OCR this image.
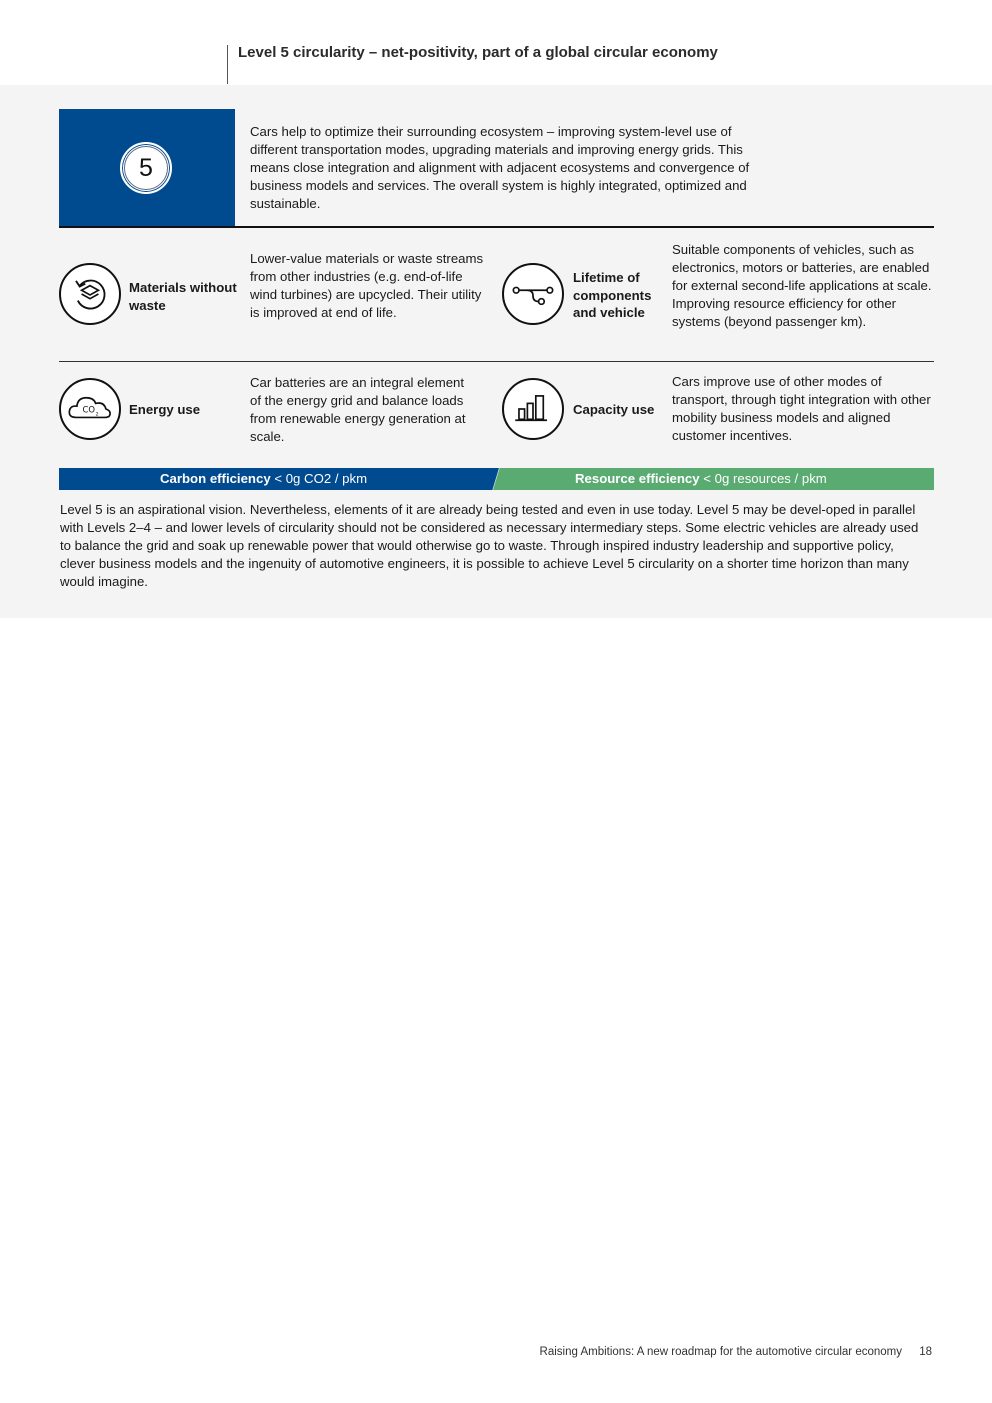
Level 5 circularity – net-positivity, part of a global circular economy
5
Cars help to optimize their surrounding ecosystem – improving system-level use of different transportation modes, upgrading materials and improving energy grids. This means close integration and alignment with adjacent ecosystems and convergence of business models and services. The overall system is highly integrated, optimized and sustainable.
Materials without waste
Lower-value materials or waste streams from other industries (e.g. end-of-life wind turbines) are upcycled. Their utility is improved at end of life.
Lifetime of components and vehicle
Suitable components of vehicles, such as electronics, motors or batteries, are enabled for external second-life applications at scale. Improving resource efficiency for other systems (beyond passenger km).
CO
2 Energy use
Car batteries are an integral element of the energy grid and balance loads from renewable energy generation at scale.
Capacity use
Cars improve use of other modes of transport, through tight integration with other mobility business models and aligned customer incentives.
Carbon efficiency < 0g CO2 / pkm	Resource efficiency < 0g resources / pkm
Level 5 is an aspirational vision. Nevertheless, elements of it are already being tested and even in use today. Level 5 may be devel-oped in parallel with Levels 2–4 – and lower levels of circularity should not be considered as necessary intermediary steps. Some electric vehicles are already used to balance the grid and soak up renewable power that would otherwise go to waste. Through inspired industry leadership and supportive policy, clever business models and the ingenuity of automotive engineers, it is possible to achieve Level 5 circularity on a shorter time horizon than many would imagine.
Raising Ambitions: A new roadmap for the automotive circular economy 18
